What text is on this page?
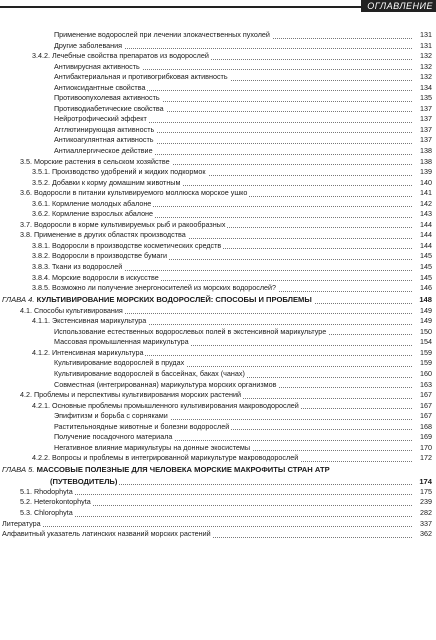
ОГЛАВЛЕНИЕ
Применение водорослей при лечении злокачественных пухолей	131
Другие заболевания	131
3.4.2. Лечебные свойства препаратов из водорослей	132
Антивирусная активность	132
Антибактериальная и противогрибковая активность	132
Антиоксидантные свойства	134
Противоопухолевая активность	135
Противодиабетические свойства	137
Нейротрофический эффект	137
Агглютинирующая активность	137
Антикоагулянтная активность	137
Антиаллергическое действие	138
3.5. Морские растения в сельском хозяйстве	138
3.5.1. Производство удобрений и жидких подкормок	139
3.5.2. Добавки к корму домашним животным	140
3.6. Водоросли в питании культивируемого моллюска морское ушко	141
3.6.1. Кормление молодых абалоне	142
3.6.2. Кормление взрослых абалоне	143
3.7. Водоросли в корме культивируемых рыб и ракообразных	144
3.8. Применение в других областях производства	144
3.8.1. Водоросли в производстве косметических средств	144
3.8.2. Водоросли в производстве бумаги	145
3.8.3. Ткани из водорослей	145
3.8.4. Морские водоросли в искусстве	145
3.8.5. Возможно ли получение энергоносителей из морских водорослей?	146
ГЛАВА 4. КУЛЬТИВИРОВАНИЕ МОРСКИХ ВОДОРОСЛЕЙ: СПОСОБЫ И ПРОБЛЕМЫ	148
4.1. Способы культивирования	149
4.1.1. Экстенсивная марикультура	149
Использование естественных водорослевых полей в экстенсивной марикультуре	150
Массовая промышленная марикультура	154
4.1.2. Интенсивная марикультура	159
Культивирование водорослей в прудах	159
Культивирование водорослей в бассейнах, баках (чанах)	160
Совместная (интегрированная) марикультура морских организмов	163
4.2. Проблемы и перспективы культивирования морских растений	167
4.2.1. Основные проблемы промышленного культивирования макроводорослей	167
Эпифитизм и борьба с сорняками	167
Растительноядные животные и болезни водорослей	168
Получение посадочного материала	169
Негативное влияние марикультуры на донные экосистемы	170
4.2.2. Вопросы и проблемы в интегрированной марикультуре макроводорослей	172
ГЛАВА 5. МАССОВЫЕ ПОЛЕЗНЫЕ ДЛЯ ЧЕЛОВЕКА МОРСКИЕ МАКРОФИТЫ СТРАН АТР
(ПУТЕВОДИТЕЛЬ)	174
5.1. Rhodophyta	175
5.2. Heterokontophyta	239
5.3. Chlorophyta	282
Литература	337
Алфавитный указатель латинских названий морских растений	362
